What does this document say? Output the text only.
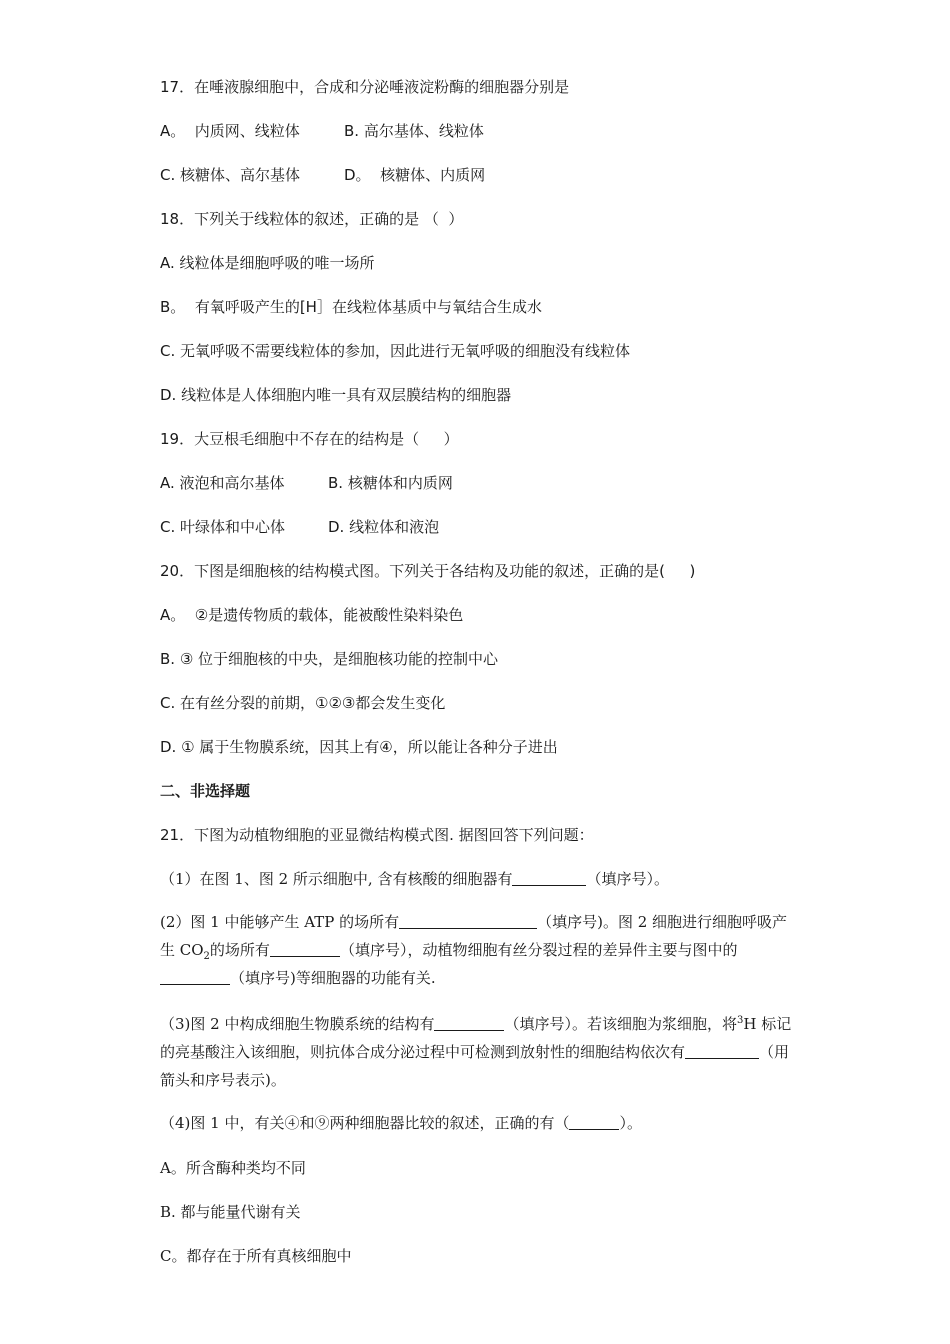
17．在唾液腺细胞中，合成和分泌唾液淀粉酶的细胞器分别是
A。  内质网、线粒体	B. 高尔基体、线粒体
C. 核糖体、高尔基体	D。  核糖体、内质网
18．下列关于线粒体的叙述，正确的是 （  ）
A. 线粒体是细胞呼吸的唯一场所
B。  有氧呼吸产生的[H］在线粒体基质中与氧结合生成水
C. 无氧呼吸不需要线粒体的参加，因此进行无氧呼吸的细胞没有线粒体
D. 线粒体是人体细胞内唯一具有双层膜结构的细胞器
19．大豆根毛细胞中不存在的结构是（　  ）
A. 液泡和高尔基体	B. 核糖体和内质网
C. 叶绿体和中心体	D. 线粒体和液泡
20．下图是细胞核的结构模式图。下列关于各结构及功能的叙述，正确的是(　  )
A。  ②是遗传物质的载体，能被酸性染料染色
B. ③ 位于细胞核的中央，是细胞核功能的控制中心
C. 在有丝分裂的前期，①②③都会发生变化
D. ① 属于生物膜系统，因其上有④，所以能让各种分子进出
二、非选择题
21．下图为动植物细胞的亚显微结构模式图. 据图回答下列问题：
（1）在图 1、图 2 所示细胞中, 含有核酸的细胞器有	（填序号）。
(2）图 1 中能够产生 ATP 的场所有	（填序号)。图 2 细胞进行细胞呼吸产生 $CO_2$的场所有	（填序号），动植物细胞有丝分裂过程的差异件主要与图中的（填序号)等细胞器的功能有关.
（3)图 2 中构成细胞生物膜系统的结构有	（填序号）。若该细胞为浆细胞，将$^3$H 标记的亮基酸注入该细胞，则抗体合成分泌过程中可检测到放射性的细胞结构依次有	（用箭头和序号表示)。
（4)图 1 中，有关④和⑨两种细胞器比较的叙述，正确的有（	）。
A。所含酶种类均不同
B. 都与能量代谢有关
C。都存在于所有真核细胞中
